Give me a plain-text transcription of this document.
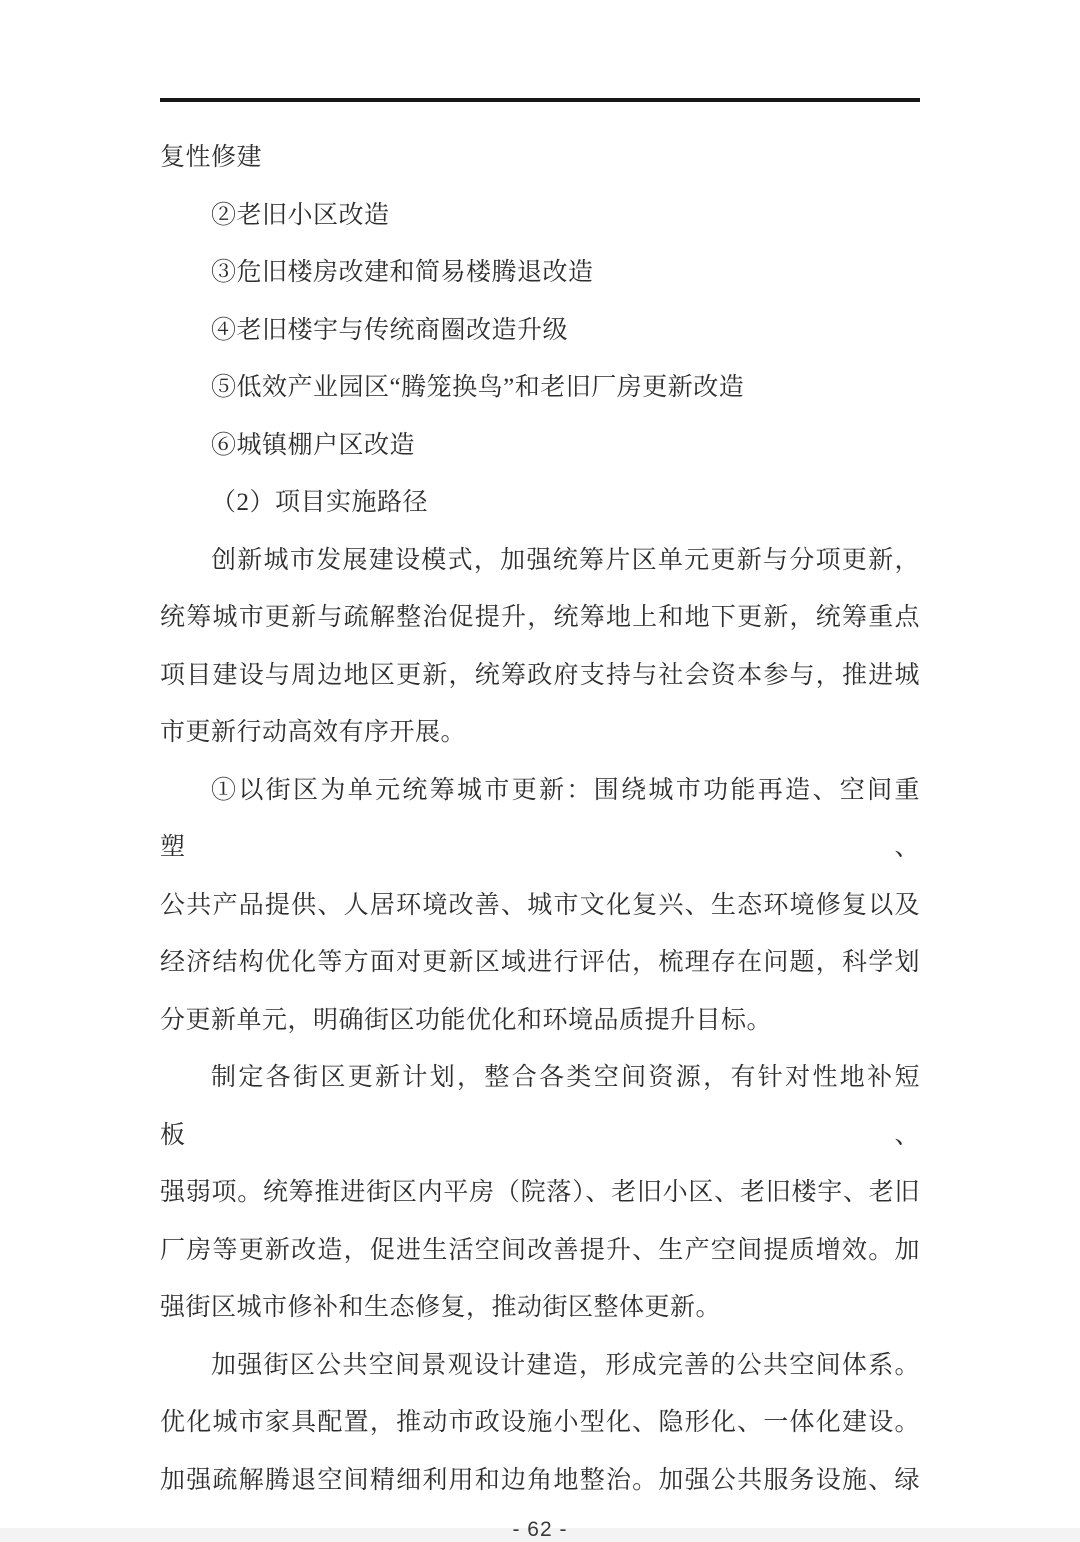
复性修建
②老旧小区改造
③危旧楼房改建和简易楼腾退改造
④老旧楼宇与传统商圈改造升级
⑤低效产业园区“腾笼换鸟”和老旧厂房更新改造
⑥城镇棚户区改造
（2）项目实施路径
创新城市发展建设模式，加强统筹片区单元更新与分项更新，
统筹城市更新与疏解整治促提升，统筹地上和地下更新，统筹重点
项目建设与周边地区更新，统筹政府支持与社会资本参与，推进城
市更新行动高效有序开展。
①以街区为单元统筹城市更新：围绕城市功能再造、空间重塑、
公共产品提供、人居环境改善、城市文化复兴、生态环境修复以及
经济结构优化等方面对更新区域进行评估，梳理存在问题，科学划
分更新单元，明确街区功能优化和环境品质提升目标。
制定各街区更新计划，整合各类空间资源，有针对性地补短板、
强弱项。统筹推进街区内平房（院落）、老旧小区、老旧楼宇、老旧
厂房等更新改造，促进生活空间改善提升、生产空间提质增效。加
强街区城市修补和生态修复，推动街区整体更新。
加强街区公共空间景观设计建造，形成完善的公共空间体系。
优化城市家具配置，推动市政设施小型化、隐形化、一体化建设。
加强疏解腾退空间精细利用和边角地整治。加强公共服务设施、绿
- 62 -
